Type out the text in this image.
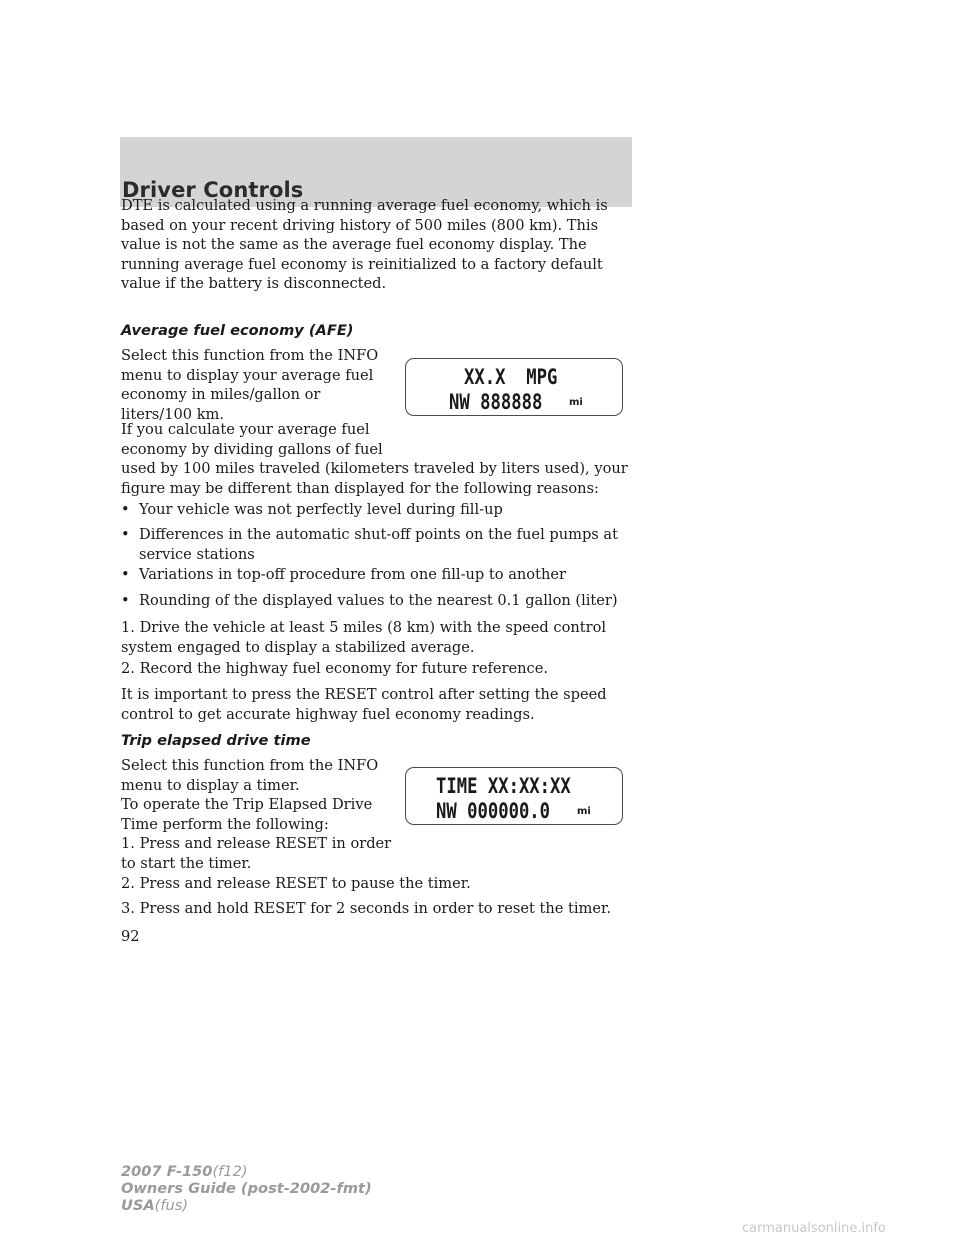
Driver Controls

DTE is calculated using a running average fuel economy, which is based on your recent driving history of 500 miles (800 km). This value is not the same as the average fuel economy display. The running average fuel economy is reinitialized to a factory default value if the battery is disconnected.

Average fuel economy (AFE)

Select this function from the INFO menu to display your average fuel economy in miles/gallon or liters/100 km.

XX.X  MPG
NW 888888	mi

If you calculate your average fuel economy by dividing gallons of fuel

used by 100 miles traveled (kilometers traveled by liters used), your figure may be different than displayed for the following reasons:

• Your vehicle was not perfectly level during fill-up
• Differences in the automatic shut-off points on the fuel pumps at service stations
• Variations in top-off procedure from one fill-up to another
• Rounding of the displayed values to the nearest 0.1 gallon (liter)

1. Drive the vehicle at least 5 miles (8 km) with the speed control system engaged to display a stabilized average.

2. Record the highway fuel economy for future reference.

It is important to press the RESET control after setting the speed control to get accurate highway fuel economy readings.

Trip elapsed drive time

Select this function from the INFO menu to display a timer.

To operate the Trip Elapsed Drive Time perform the following:

1. Press and release RESET in order to start the timer.

TIME XX:XX:XX
NW 000000.0	mi

2. Press and release RESET to pause the timer.

3. Press and hold RESET for 2 seconds in order to reset the timer.

92
2007 F-150(f12)
Owners Guide (post-2002-fmt)
USA(fus)
carmanualsonline.info
